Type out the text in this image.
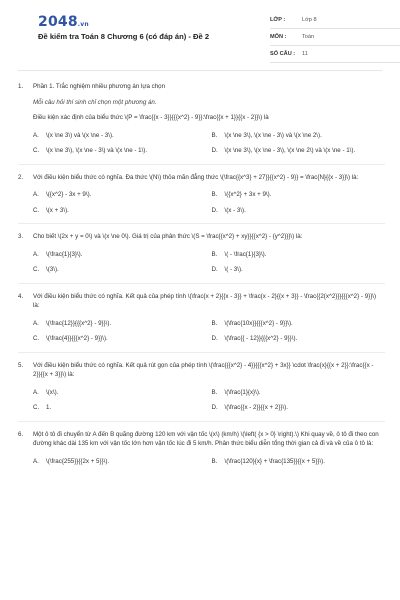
2048.vn
Đề kiểm tra Toán 8 Chương 6 (có đáp án) - Đề 2
LỚP :	Lớp 8
MÔN :	Toán
SỐ CÂU :	11
1. Phần 1. Trắc nghiệm nhiều phương án lựa chọn
Mỗi câu hỏi thí sinh chỉ chọn một phương án.
Điều kiện xác định của biểu thức \(P = \frac{{x - 3}}{{{x^2} - 9}}:\frac{{x + 1}}{{x - 2}}\) là
A.	\(x \ne 3\) và \(x \ne - 3\).	B.	\(x \ne 3\), \(x \ne - 3\) và \(x \ne 2\).
C.	\(x \ne 3\), \(x \ne - 3\) và \(x \ne - 1\).	D.	\(x \ne 3\), \(x \ne - 3\), \(x \ne 2\) và \(x \ne - 1\).
2. Với điều kiện biểu thức có nghĩa. Đa thức \(N\) thỏa mãn đẳng thức \(\frac{{x^3} + 27}}{{x^2} - 9}} = \frac{N}{{x - 3}}\) là:
A.	\({x^2} - 3x + 9\).	B.	\({x^2} + 3x + 9\).
C.	\(x + 3\).	D.	\(x - 3\).
3. Cho biết \(2x + y = 0\) và \(x \ne 0\). Giá trị của phân thức \(S = \frac{{x^2} + xy}}{{x^2} - {y^2}}}\) là:
A.	\(\frac{1}{3}\).	B.	\( - \frac{1}{3}\).
C.	\(3\).	D.	\( - 3\).
4. Với điều kiện biểu thức có nghĩa. Kết quả của phép tính \(\frac{x + 2}{{x - 3}} + \frac{x - 2}{{x + 3}} - \frac{{2{x^2}}}{{{x^2} - 9}}\) là:
A.	\(\frac{12}}{{{x^2} - 9}}\).	B.	\(\frac{10x}}{{{x^2} - 9}}\).
C.	\(\frac{4}}{{{x^2} - 9}}\).	D.	\(\frac{{ - 12}}{{{x^2} - 9}}\).
5. Với điều kiện biểu thức có nghĩa. Kết quả rút gọn của phép tính \(\frac{{{x^2} - 4}}{{{x^2} + 3x}} \cdot \frac{x}{{x + 2}}:\frac{{x - 2}}{{x + 3}}\) là:
A.	\(x\).	B.	\(\frac{1}{x}\).
C.	1.	D.	\(\frac{{x - 2}}{{x + 2}}\).
6. Một ô tô đi chuyển từ A đến B quãng đường 120 km với vận tốc \(x\) (km/h) \(\left( {x > 0} \right).\) Khi quay về, ô tô đi theo con đường khác dài 135 km với vận tốc lớn hơn vận tốc lúc đi 5 km/h. Phân thức biểu diễn tổng thời gian cả đi và về của ô tô là:
A.	\(\frac{255}}{{2x + 5}}\).	B.	\(\frac{120}{x} + \frac{135}}{{x + 5}}\).
